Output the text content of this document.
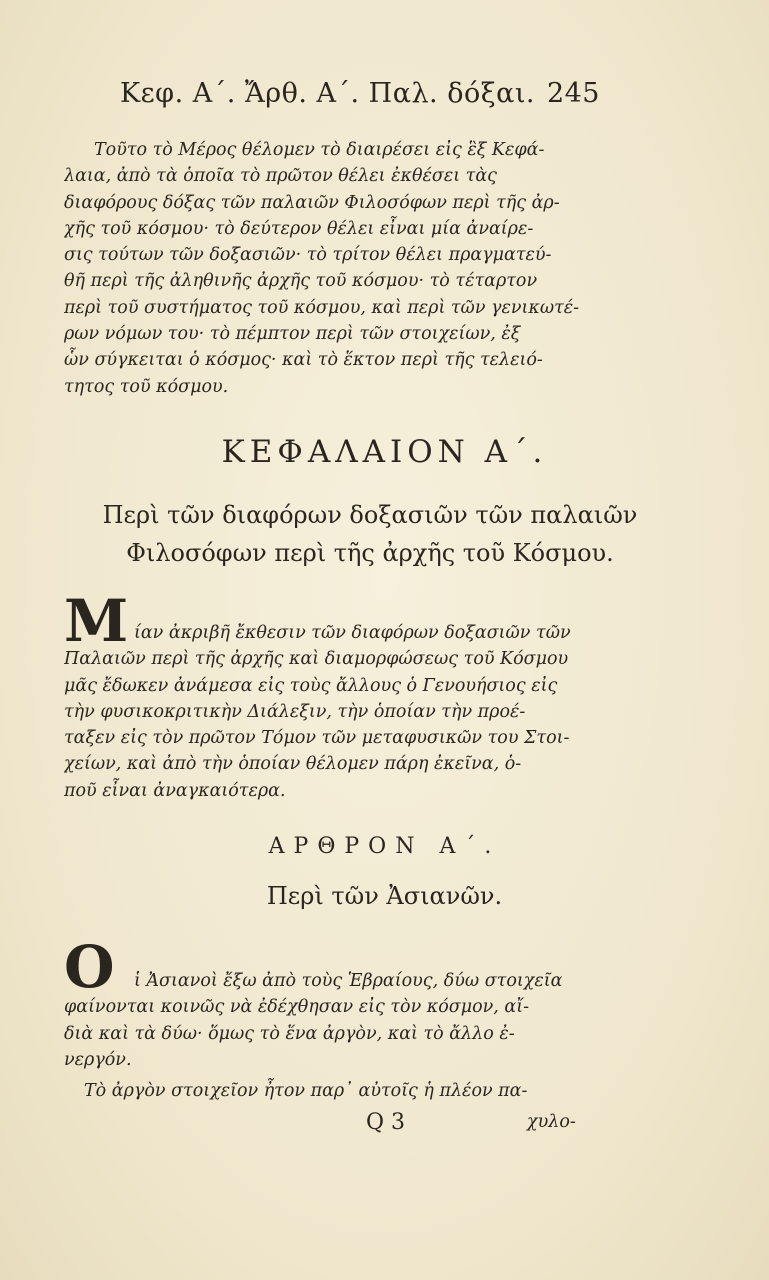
Κεφ. Α΄. Ἄρθ. Α΄. Παλ. δόξαι. 245
Τοῦτο τὸ Μέρος θέλομεν τὸ διαιρέσει εἰς ἓξ Κεφά-
λαια, ἀπὸ τὰ ὁποῖα τὸ πρῶτον θέλει ἐκθέσει τὰς
διαφόρους δόξας τῶν παλαιῶν Φιλοσόφων περὶ τῆς ἀρ-
χῆς τοῦ κόσμου· τὸ δεύτερον θέλει εἶναι μία ἀναίρε-
σις τούτων τῶν δοξασιῶν· τὸ τρίτον θέλει πραγματεύ-
θῆ περὶ τῆς ἀληθινῆς ἀρχῆς τοῦ κόσμου· τὸ τέταρτον
περὶ τοῦ συστήματος τοῦ κόσμου, καὶ περὶ τῶν γενικωτέ-
ρων νόμων του· τὸ πέμπτον περὶ τῶν στοιχείων, ἐξ
ὧν σύγκειται ὁ κόσμος· καὶ τὸ ἕκτον περὶ τῆς τελειό-
τητος τοῦ κόσμου.
ΚΕΦΑΛΑΙΟΝ Α΄.
Περὶ τῶν διαφόρων δοξασιῶν τῶν παλαιῶν
Φιλοσόφων περὶ τῆς ἀρχῆς τοῦ Κόσμου.
Μ ίαν ἀκριβῆ ἔκθεσιν τῶν διαφόρων δοξασιῶν τῶν
Παλαιῶν περὶ τῆς ἀρχῆς καὶ διαμορφώσεως τοῦ Κόσμου
μᾶς ἔδωκεν ἀνάμεσα εἰς τοὺς ἄλλους ὁ Γενουήσιος εἰς
τὴν φυσικοκριτικὴν Διάλεξιν, τὴν ὁποίαν τὴν προέ-
ταξεν εἰς τὸν πρῶτον Τόμον τῶν μεταφυσικῶν του Στοι-
χείων, καὶ ἀπὸ τὴν ὁποίαν θέλομεν πάρη ἐκεῖνα, ὁ-
ποῦ εἶναι ἀναγκαιότερα.
ΑΡΘΡΟΝ Α΄.
Περὶ τῶν Ἀσιανῶν.
Ο	ἱ Ἀσιανοὶ ἔξω ἀπὸ τοὺς Ἑβραίους, δύω στοιχεῖα
φαίνονται κοινῶς νὰ ἐδέχθησαν εἰς τὸν κόσμον, αἴ-
διὰ καὶ τὰ δύω· ὅμως τὸ ἕνα ἀργὸν, καὶ τὸ ἄλλο ἐ-
νεργόν.
Τὸ ἀργὸν στοιχεῖον ἦτον παρ᾽ αὐτοῖς ἡ πλέον πα-
Q 3	χυλο-
